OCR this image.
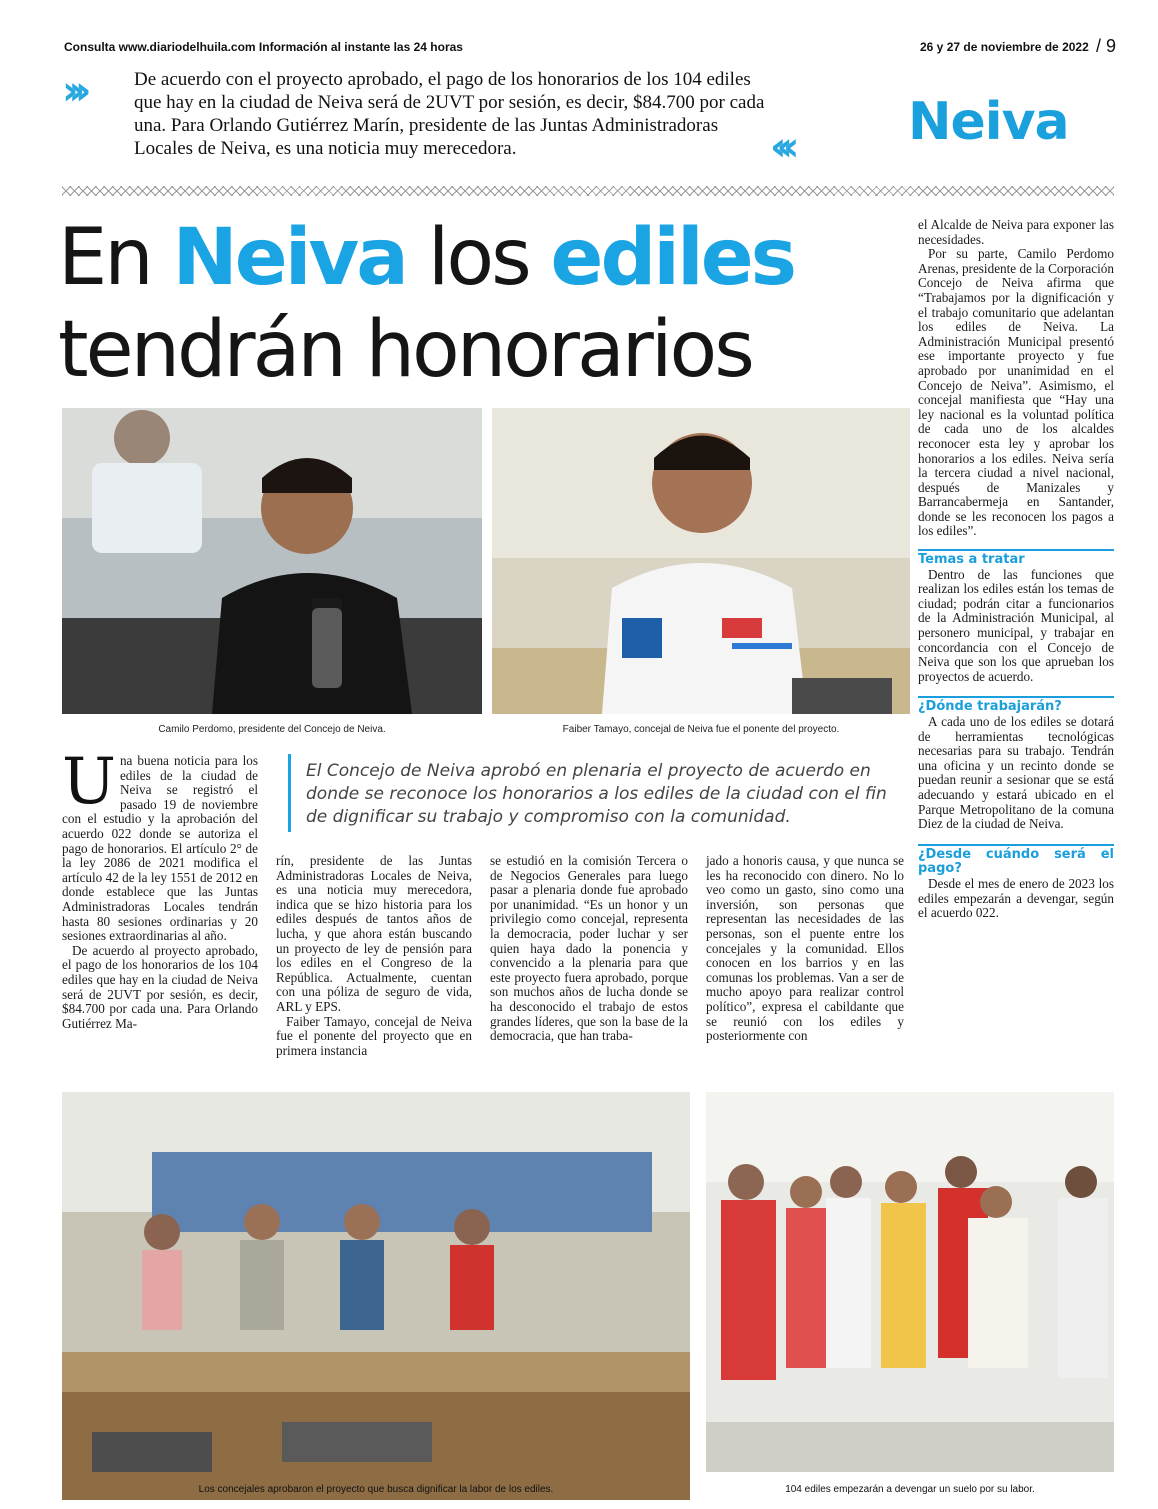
Consulta www.diariodelhuila.com Información al instante las 24 horas	26 y 27 de noviembre de 2022 / 9
›››	De acuerdo con el proyecto aprobado, el pago de los honorarios de los 104 ediles que hay en la ciudad de Neiva será de 2UVT por sesión, es decir, $84.700 por cada una. Para Orlando Gutiérrez Marín, presidente de las Juntas Administradoras Locales de Neiva, es una noticia muy merecedora.	‹‹‹ Neiva
En Neiva los ediles
tendrán honorarios
Camilo Perdomo, presidente del Concejo de Neiva.	Faiber Tamayo, concejal de Neiva fue el ponente del proyecto.
El Concejo de Neiva aprobó en plenaria el proyecto de acuerdo en donde se reconoce los honorarios a los ediles de la ciudad con el fin de dignificar su trabajo y compromiso con la comunidad.
U na buena noticia para los ediles de la ciudad de Neiva se registró el pasado 19 de noviembre con el estudio y la aprobación del acuerdo 022 donde se autoriza el pago de honorarios. El artículo 2° de la ley 2086 de 2021 modifica el artículo 42 de la ley 1551 de 2012 en donde establece que las Juntas Administradoras Locales tendrán hasta 80 sesiones ordinarias y 20 sesiones extraordinarias al año.

De acuerdo al proyecto aprobado, el pago de los honorarios de los 104 ediles que hay en la ciudad de Neiva será de 2UVT por sesión, es decir, $84.700 por cada una. Para Orlando Gutiérrez Ma-

rín, presidente de las Juntas Administradoras Locales de Neiva, es una noticia muy merecedora, indica que se hizo historia para los ediles después de tantos años de lucha, y que ahora están buscando un proyecto de ley de pensión para los ediles en el Congreso de la República. Actualmente, cuentan con una póliza de seguro de vida, ARL y EPS.

Faiber Tamayo, concejal de Neiva fue el ponente del proyecto que en primera instancia

se estudió en la comisión Tercera o de Negocios Generales para luego pasar a plenaria donde fue aprobado por unanimidad. “Es un honor y un privilegio como concejal, representa la democracia, poder luchar y ser quien haya dado la ponencia y convencido a la plenaria para que este proyecto fuera aprobado, porque son muchos años de lucha donde se ha desconocido el trabajo de estos grandes líderes, que son la base de la democracia, que han traba-

jado a honoris causa, y que nunca se les ha reconocido con dinero. No lo veo como un gasto, sino como una inversión, son personas que representan las necesidades de las personas, son el puente entre los concejales y la comunidad. Ellos conocen en los barrios y en las comunas los problemas. Van a ser de mucho apoyo para realizar control político”, expresa el cabildante que se reunió con los ediles y posteriormente con

el Alcalde de Neiva para exponer las necesidades.

Por su parte, Camilo Perdomo Arenas, presidente de la Corporación Concejo de Neiva afirma que “Trabajamos por la dignificación y el trabajo comunitario que adelantan los ediles de Neiva. La Administración Municipal presentó ese importante proyecto y fue aprobado por unanimidad en el Concejo de Neiva”. Asimismo, el concejal manifiesta que “Hay una ley nacional es la voluntad política de cada uno de los alcaldes reconocer esta ley y aprobar los honorarios a los ediles. Neiva sería la tercera ciudad a nivel nacional, después de Manizales y Barrancabermeja en Santander, donde se les reconocen los pagos a los ediles”.

Temas a tratar

Dentro de las funciones que realizan los ediles están los temas de ciudad; podrán citar a funcionarios de la Administración Municipal, al personero municipal, y trabajar en concordancia con el Concejo de Neiva que son los que aprueban los proyectos de acuerdo.

¿Dónde trabajarán?

A cada uno de los ediles se dotará de herramientas tecnológicas necesarias para su trabajo. Tendrán una oficina y un recinto donde se puedan reunir a sesionar que se está adecuando y estará ubicado en el Parque Metropolitano de la comuna Diez de la ciudad de Neiva.

¿Desde cuándo será el pago?

Desde el mes de enero de 2023 los ediles empezarán a devengar, según el acuerdo 022.

Los concejales aprobaron el proyecto que busca dignificar la labor de los ediles.	104 ediles empezarán a devengar un suelo por su labor.
